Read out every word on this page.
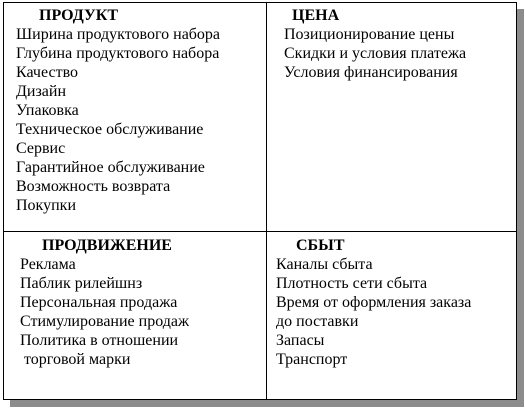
ПРОДУКТ
Ширина продуктового набора
Глубина продуктового набора
Качество
Дизайн
Упаковка
Техническое обслуживание
Сервис
Гарантийное обслуживание
Возможность возврата
Покупки
ЦЕНА
Позиционирование цены
Скидки и условия платежа
Условия финансирования
ПРОДВИЖЕНИЕ
Реклама
Паблик рилейшнз
Персональная продажа
Стимулирование продаж
Политика в отношении
торговой марки
СБЫТ
Каналы сбыта
Плотность сети сбыта
Время от оформления заказа
до поставки
Запасы
Транспорт
